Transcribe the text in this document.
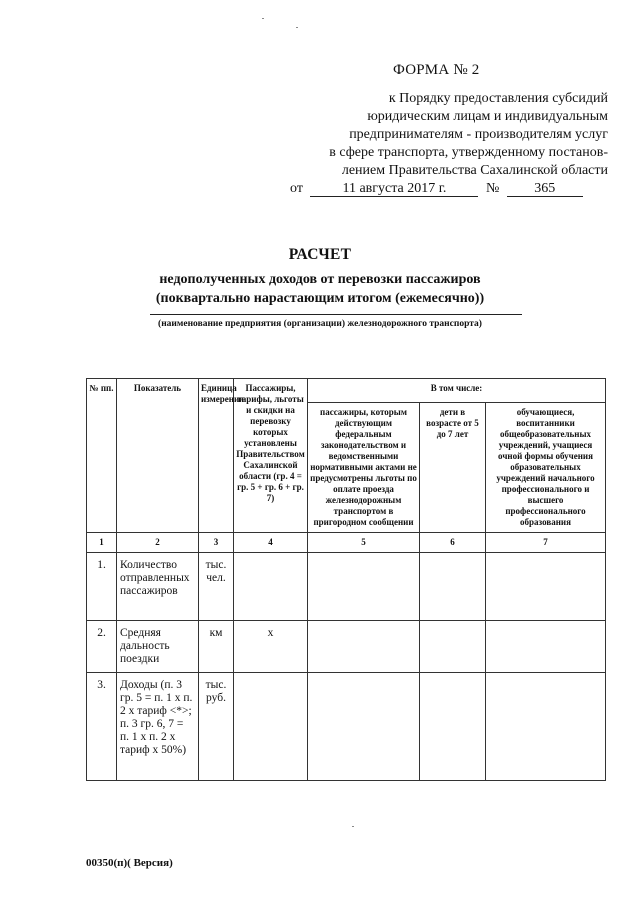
ФОРМА № 2
к Порядку предоставления субсидий
юридическим лицам и индивидуальным
предпринимателям - производителям услуг
в сфере транспорта, утвержденному постанов-
лением Правительства Сахалинской области
от	11 августа 2017 г.	№	365
РАСЧЕТ
недополученных доходов от перевозки пассажиров
(поквартально нарастающим итогом (ежемесячно))
(наименование предприятия (организации) железнодорожного транспорта)
№ пп.	Показатель	Единица измерения	Пассажиры, тарифы, льготы и скидки на перевозку которых установлены Правительством Сахалинской области (гр. 4 = гр. 5 + гр. 6 + гр. 7)	В том числе:		
				пассажиры, которым действующим федеральным законодательством и ведомственными нормативными актами не предусмотрены льготы по оплате проезда железнодорожным транспортом в пригородном сообщении	дети в возрасте от 5 до 7 лет	обучающиеся, воспитанники общеобразовательных учреждений, учащиеся очной формы обучения образовательных учреждений начального профессионального и высшего профессионального образования
1	2	3	4	5	6	7
1.	Количество отправленных пассажиров	тыс. чел.				
2.	Средняя дальность поездки	км	х			
3.	Доходы (п. 3 гр. 5 = п. 1 х п. 2 х тариф <*>; п. 3 гр. 6, 7 = п. 1 х п. 2 х тариф х 50%)	тыс. руб.				
00350(п)( Версия)
